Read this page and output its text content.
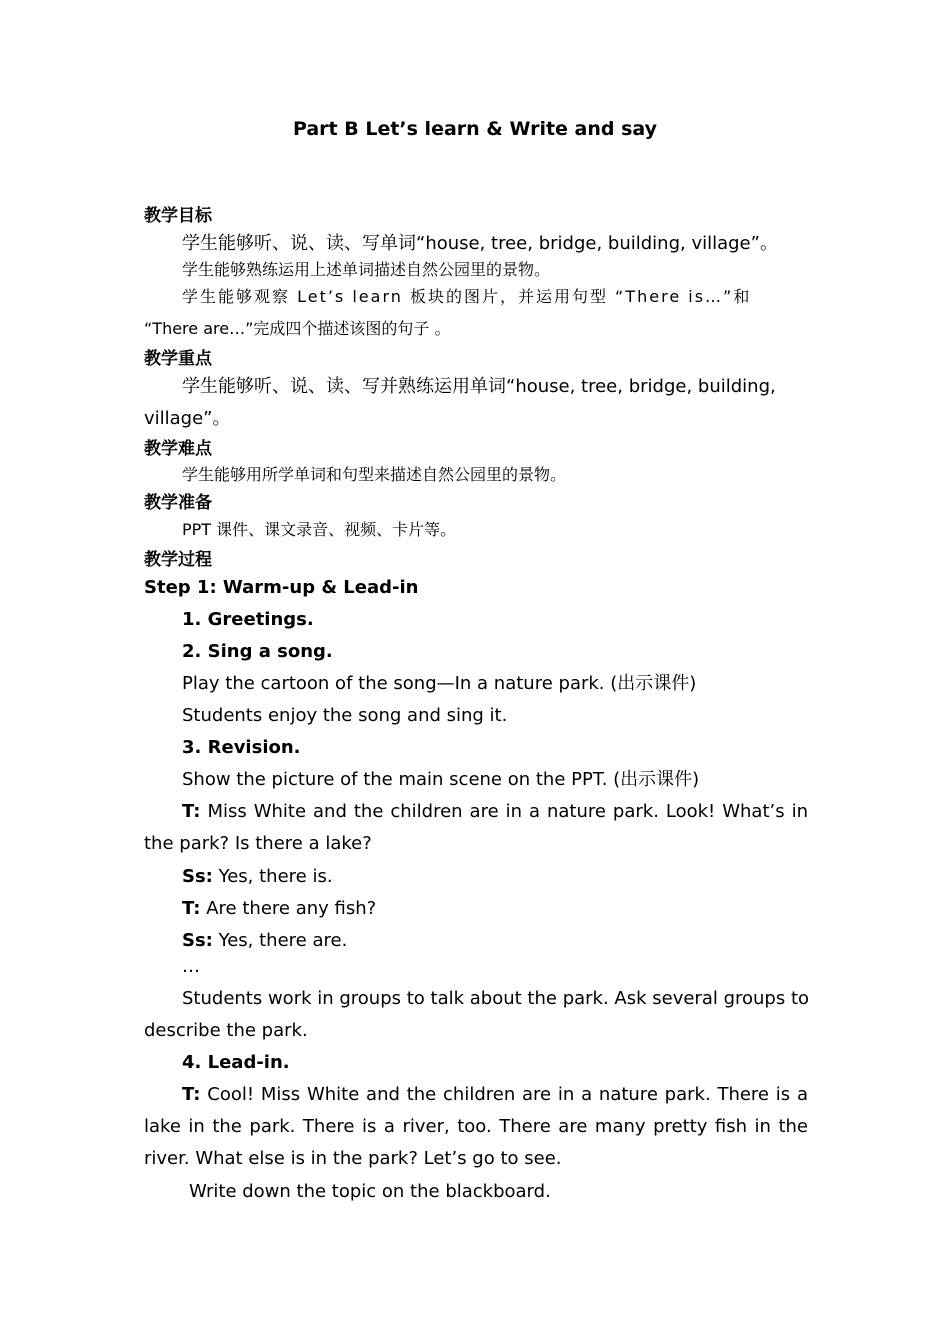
Part B Let’s learn & Write and say
教学目标
学生能够听、说、读、写单词“house, tree, bridge, building, village”。
学生能够熟练运用上述单词描述自然公园里的景物。
学生能够观察 Let’s learn 板块的图片，并运用句型 “There is…”和
“There are…”完成四个描述该图的句子 。
教学重点
学生能够听、说、读、写并熟练运用单词“house, tree, bridge, building,
village”。
教学难点
学生能够用所学单词和句型来描述自然公园里的景物。
教学准备
PPT 课件、课文录音、视频、卡片等。
教学过程
Step 1: Warm-up & Lead-in
1. Greetings.
2. Sing a song.
Play the cartoon of the song—In a nature park. (出示课件)
Students enjoy the song and sing it.
3. Revision.
Show the picture of the main scene on the PPT. (出示课件)
T: Miss White and the children are in a nature park. Look! What’s in
the park? Is there a lake?
Ss: Yes, there is.
T: Are there any fish?
Ss: Yes, there are.
…
Students work in groups to talk about the park. Ask several groups to
describe the park.
4. Lead-in.
T: Cool! Miss White and the children are in a nature park. There is a
lake in the park. There is a river, too. There are many pretty fish in the
river. What else is in the park? Let’s go to see.
Write down the topic on the blackboard.
